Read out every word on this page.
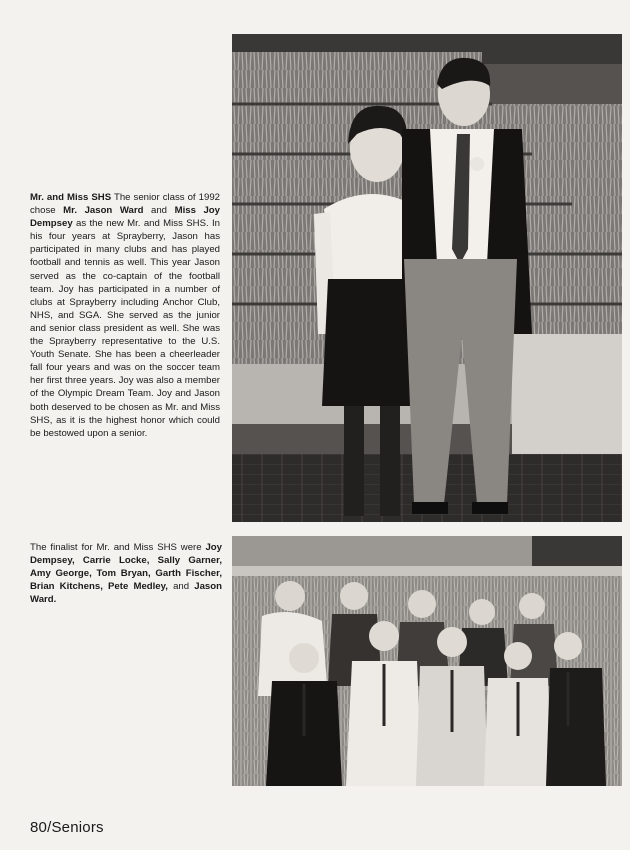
Mr. and Miss SHS The senior class of 1992 chose Mr. Jason Ward and Miss Joy Dempsey as the new Mr. and Miss SHS. In his four years at Sprayberry, Jason has participated in many clubs and has played football and tennis as well. This year Jason served as the co-captain of the football team. Joy has participated in a number of clubs at Sprayberry including Anchor Club, NHS, and SGA. She served as the junior and senior class president as well. She was the Sprayberry representative to the U.S. Youth Senate. She has been a cheerleader fall four years and was on the soccer team her first three years. Joy was also a member of the Olympic Dream Team. Joy and Jason both deserved to be chosen as Mr. and Miss SHS, as it is the highest honor which could be bestowed upon a senior.

The finalist for Mr. and Miss SHS were Joy Dempsey, Carrie Locke, Sally Garner, Amy George, Tom Bryan, Garth Fischer, Brian Kitchens, Pete Medley, and Jason Ward.

80/Seniors
